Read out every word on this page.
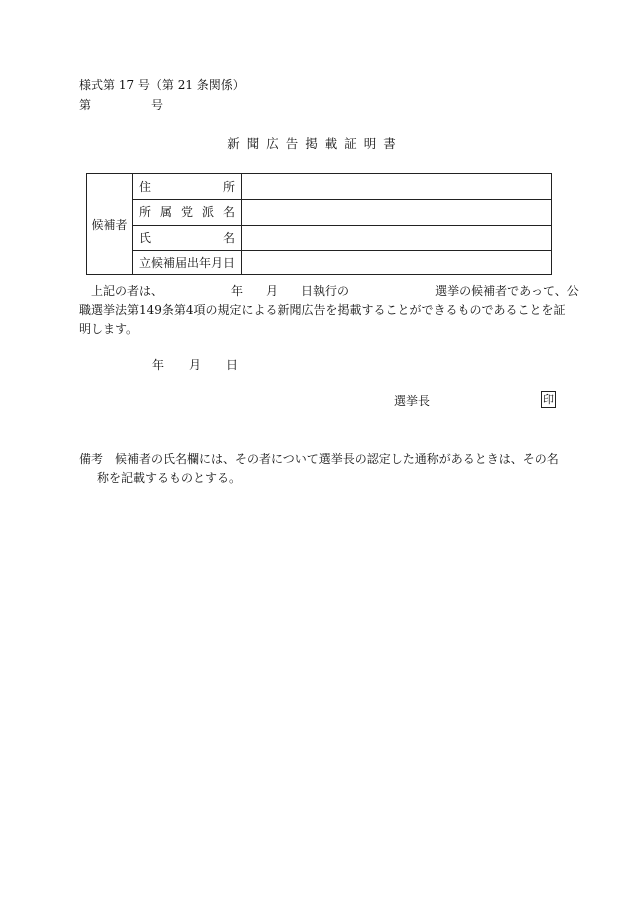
様式第 17 号（第 21 条関係）
第	号
新聞広告掲載証明書
候補者
住	所
所 属 党 派 名
氏	名
立候補届出年月日
上記の者は、	年 月 日執行の	選挙の候補者であって、公
職選挙法第149条第4項の規定による新聞広告を掲載することができるものであることを証
明します。
年 月 日
選挙長	印
備考　候補者の氏名欄には、その者について選挙長の認定した通称があるときは、その名
称を記載するものとする。
